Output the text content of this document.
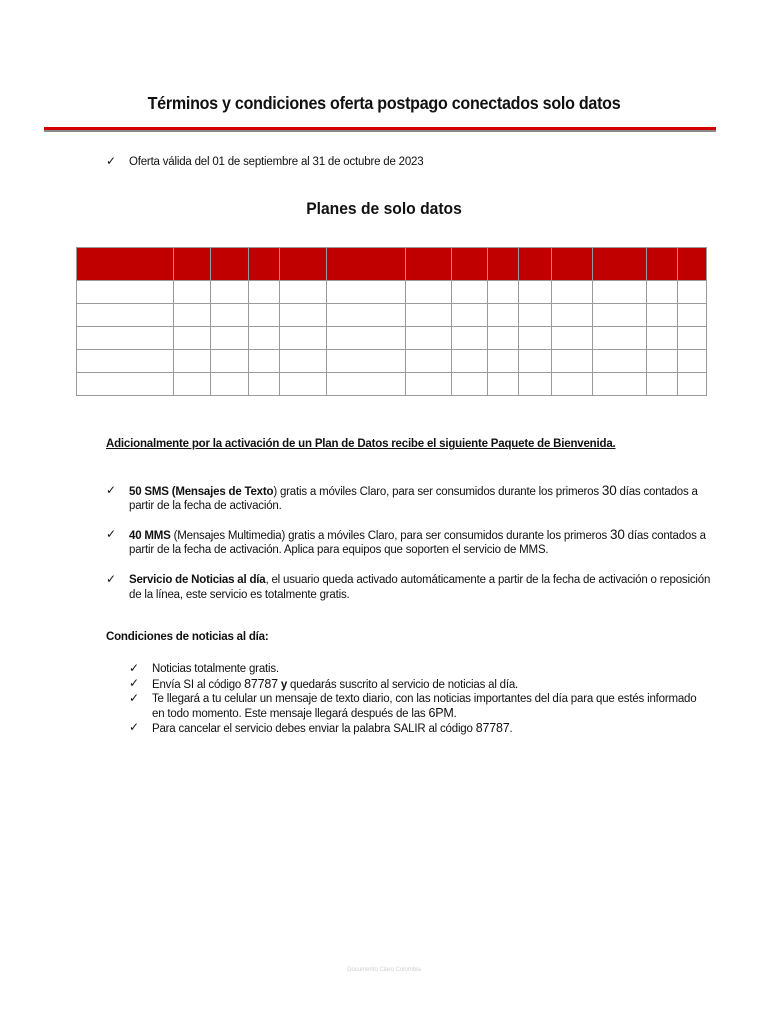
Términos y condiciones oferta postpago conectados solo datos
✓ Oferta válida del 01 de septiembre al 31 de octubre de 2023
Planes de solo datos

Adicionalmente por la activación de un Plan de Datos recibe el siguiente Paquete de Bienvenida.
✓ 50 SMS (Mensajes de Texto) gratis a móviles Claro, para ser consumidos durante los primeros 30 días contados a
partir de la fecha de activación.
✓ 40 MMS (Mensajes Multimedia) gratis a móviles Claro, para ser consumidos durante los primeros 30 días contados a
partir de la fecha de activación. Aplica para equipos que soporten el servicio de MMS.
✓ Servicio de Noticias al día, el usuario queda activado automáticamente a partir de la fecha de activación o reposición
de la línea, este servicio es totalmente gratis.
Condiciones de noticias al día:
✓ Noticias totalmente gratis.
✓ Envía SI al código 87787 y quedarás suscrito al servicio de noticias al día.
✓ Te llegará a tu celular un mensaje de texto diario, con las noticias importantes del día para que estés informado
en todo momento. Este mensaje llegará después de las 6PM.
✓ Para cancelar el servicio debes enviar la palabra SALIR al código 87787.
Documento Claro Colombia
